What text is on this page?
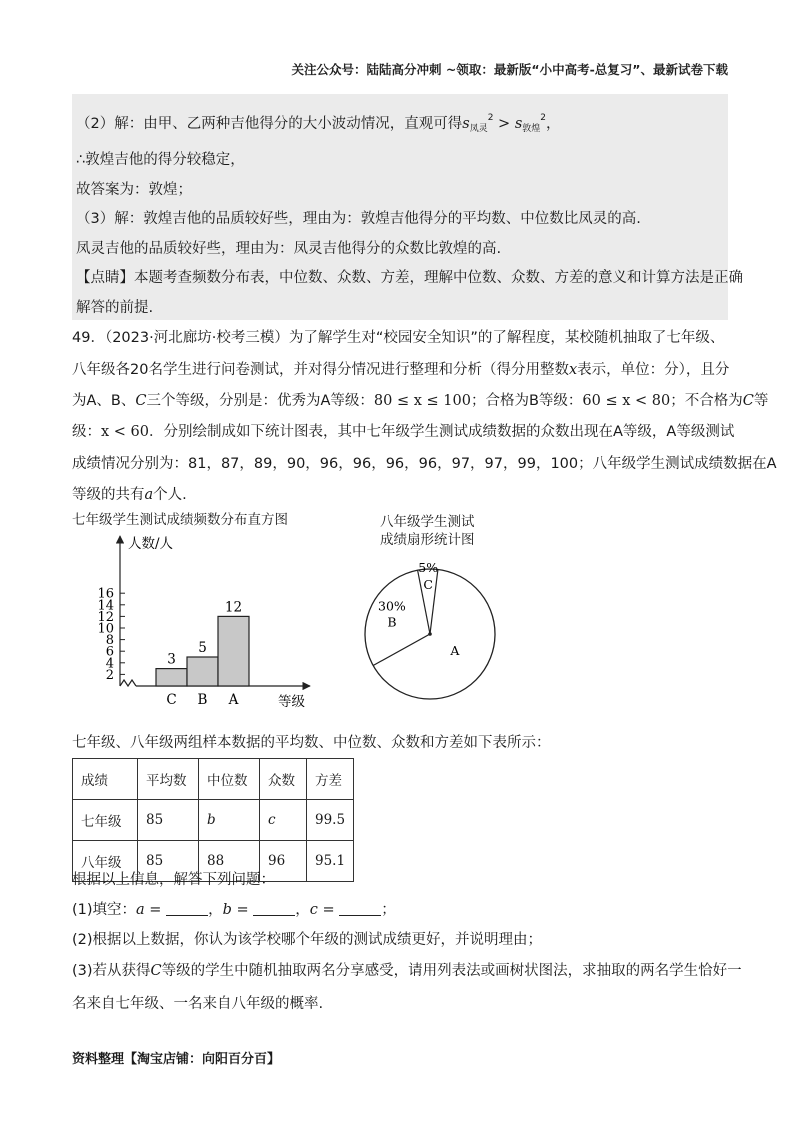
关注公众号：陆陆高分冲刺 ~领取：最新版“小中高考-总复习”、最新试卷下载
（2）解：由甲、乙两种吉他得分的大小波动情况，直观可得$s_{凤灵}^2 > s_{敦煌}^2$，
∴敦煌吉他的得分较稳定，
故答案为：敦煌；
（3）解：敦煌吉他的品质较好些，理由为：敦煌吉他得分的平均数、中位数比凤灵的高.
凤灵吉他的品质较好些，理由为：凤灵吉他得分的众数比敦煌的高.
【点睛】本题考查频数分布表，中位数、众数、方差，理解中位数、众数、方差的意义和计算方法是正确
解答的前提.
49．（2023·河北廊坊·校考三模）为了解学生对“校园安全知识”的了解程度，某校随机抽取了七年级、
八年级各20名学生进行问卷测试，并对得分情况进行整理和分析（得分用整数x表示，单位：分），且分
为A、B、C三个等级，分别是：优秀为A等级：80 ≤ x ≤ 100；合格为B等级：60 ≤ x < 80；不合格为C等
级：x < 60．分别绘制成如下统计图表，其中七年级学生测试成绩数据的众数出现在A等级，A等级测试
成绩情况分别为：81，87，89，90，96，96，96，96，97，97，99，100；八年级学生测试成绩数据在A
等级的共有a个人.
七年级学生测试成绩频数分布直方图	八年级学生测试
成绩扇形统计图
人数/人
等级
2
4
6
8
10
12
14
16
3
C
5
B
12
A
A
30%
B
5%
C
七年级、八年级两组样本数据的平均数、中位数、众数和方差如下表所示：
成绩	平均数	中位数	众数	方差
七年级	85	b	c	99.5
八年级	85	88	96	95.1
根据以上信息，解答下列问题：
(1)填空：a =	，b =	，c =	；
(2)根据以上数据，你认为该学校哪个年级的测试成绩更好，并说明理由；
(3)若从获得C等级的学生中随机抽取两名分享感受，请用列表法或画树状图法，求抽取的两名学生恰好一
名来自七年级、一名来自八年级的概率.
资料整理【淘宝店铺：向阳百分百】
